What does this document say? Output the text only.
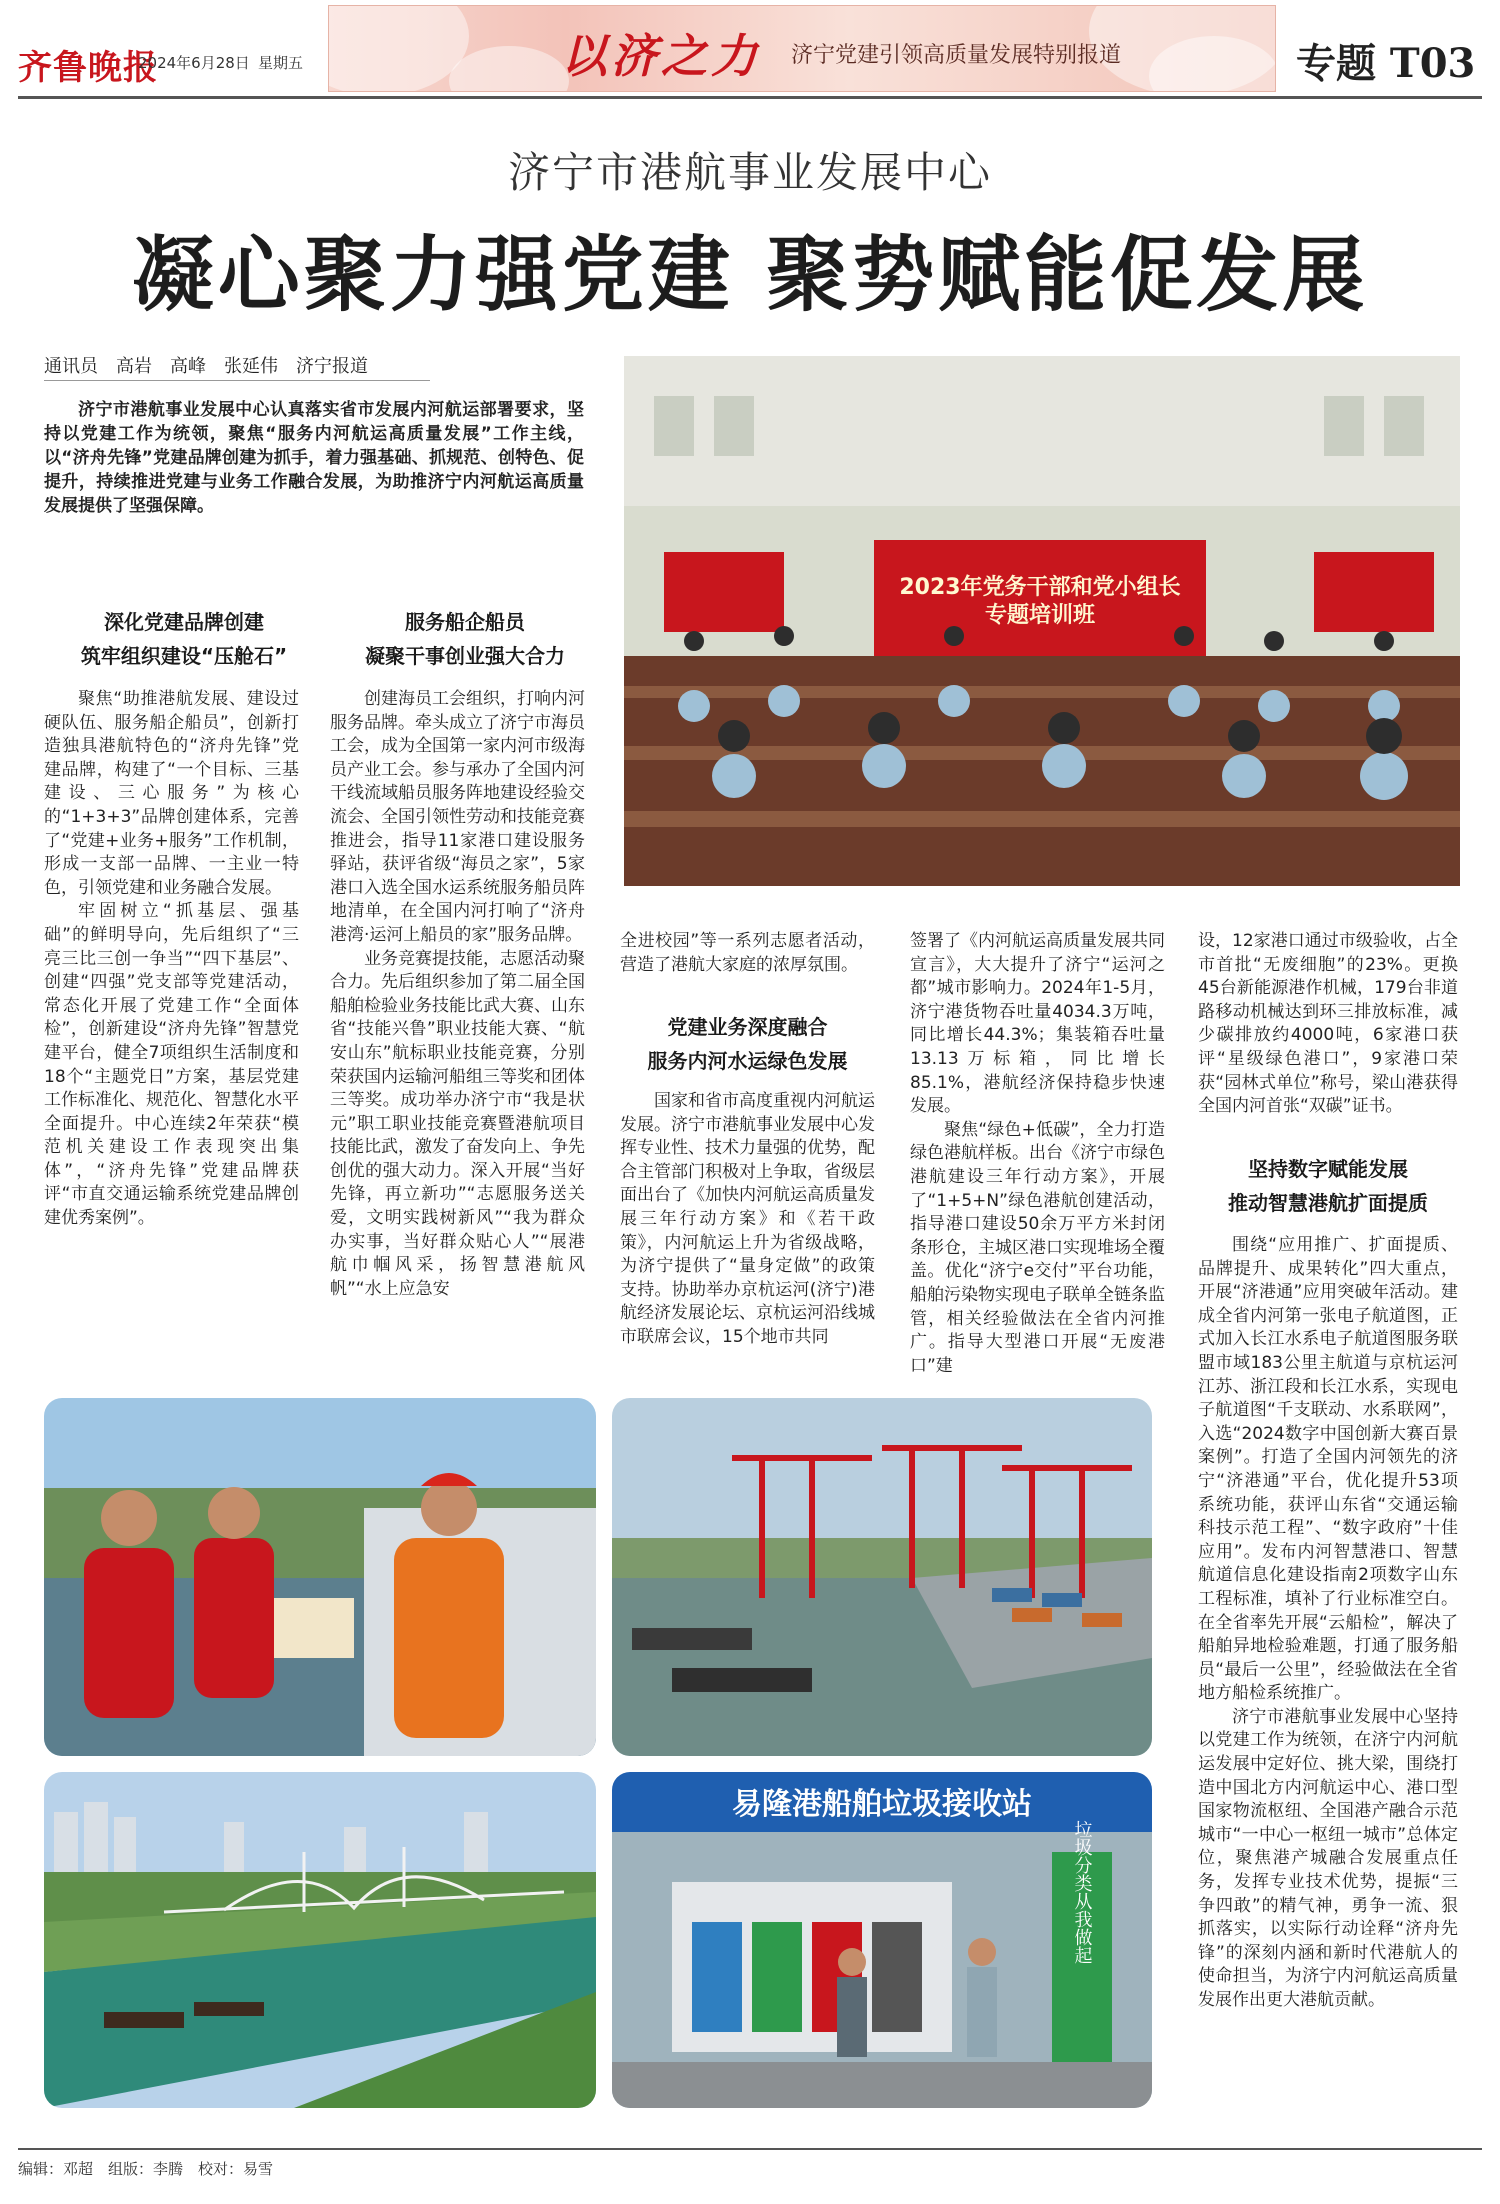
齐鲁晚报
2024年6月28日 星期五	以济之力 济宁党建引领高质量发展特别报道	专题 T03
济宁市港航事业发展中心
凝心聚力强党建 聚势赋能促发展
通讯员　高岩　高峰　张延伟　济宁报道
济宁市港航事业发展中心认真落实省市发展内河航运部署要求，坚持以党建工作为统领，聚焦“服务内河航运高质量发展”工作主线，以“济舟先锋”党建品牌创建为抓手，着力强基础、抓规范、创特色、促提升，持续推进党建与业务工作融合发展，为助推济宁内河航运高质量发展提供了坚强保障。
2023年党务干部和党小组长
专题培训班
深化党建品牌创建
筑牢组织建设“压舱石”
服务船企船员
凝聚干事创业强大合力

聚焦“助推港航发展、建设过硬队伍、服务船企船员”，创新打造独具港航特色的“济舟先锋”党建品牌，构建了“一个目标、三基建设、三心服务”为核心的“1+3+3”品牌创建体系，完善了“党建+业务+服务”工作机制，形成一支部一品牌、一主业一特色，引领党建和业务融合发展。

牢固树立“抓基层、强基础”的鲜明导向，先后组织了“三亮三比三创一争当”“四下基层”、创建“四强”党支部等党建活动，常态化开展了党建工作“全面体检”，创新建设“济舟先锋”智慧党建平台，健全7项组织生活制度和18个“主题党日”方案，基层党建工作标准化、规范化、智慧化水平全面提升。中心连续2年荣获“模范机关建设工作表现突出集体”，“济舟先锋”党建品牌获评“市直交通运输系统党建品牌创建优秀案例”。

创建海员工会组织，打响内河服务品牌。牵头成立了济宁市海员工会，成为全国第一家内河市级海员产业工会。参与承办了全国内河干线流域船员服务阵地建设经验交流会、全国引领性劳动和技能竞赛推进会，指导11家港口建设服务驿站，获评省级“海员之家”，5家港口入选全国水运系统服务船员阵地清单，在全国内河打响了“济舟港湾·运河上船员的家”服务品牌。

业务竞赛提技能，志愿活动聚合力。先后组织参加了第二届全国船舶检验业务技能比武大赛、山东省“技能兴鲁”职业技能大赛、“航安山东”航标职业技能竞赛，分别荣获国内运输河船组三等奖和团体三等奖。成功举办济宁市“我是状元”职工职业技能竞赛暨港航项目技能比武，激发了奋发向上、争先创优的强大动力。深入开展“当好先锋，再立新功”“志愿服务送关爱，文明实践树新风”“我为群众办实事，当好群众贴心人”“展港航巾帼风采，扬智慧港航风帆”“水上应急安

全进校园”等一系列志愿者活动，营造了港航大家庭的浓厚氛围。

党建业务深度融合
服务内河水运绿色发展

国家和省市高度重视内河航运发展。济宁市港航事业发展中心发挥专业性、技术力量强的优势，配合主管部门积极对上争取，省级层面出台了《加快内河航运高质量发展三年行动方案》和《若干政策》，内河航运上升为省级战略，为济宁提供了“量身定做”的政策支持。协助举办京杭运河(济宁)港航经济发展论坛、京杭运河沿线城市联席会议，15个地市共同

签署了《内河航运高质量发展共同宣言》，大大提升了济宁“运河之都”城市影响力。2024年1-5月，济宁港货物吞吐量4034.3万吨，同比增长44.3%；集装箱吞吐量13.13万标箱，同比增长85.1%，港航经济保持稳步快速发展。

聚焦“绿色+低碳”，全力打造绿色港航样板。出台《济宁市绿色港航建设三年行动方案》，开展了“1+5+N”绿色港航创建活动，指导港口建设50余万平方米封闭条形仓，主城区港口实现堆场全覆盖。优化“济宁e交付”平台功能，船舶污染物实现电子联单全链条监管，相关经验做法在全省内河推广。指导大型港口开展“无废港口”建

设，12家港口通过市级验收，占全市首批“无废细胞”的23%。更换45台新能源港作机械，179台非道路移动机械达到环三排放标准，减少碳排放约4000吨，6家港口获评“星级绿色港口”，9家港口荣获“园林式单位”称号，梁山港获得全国内河首张“双碳”证书。

坚持数字赋能发展
推动智慧港航扩面提质

围绕“应用推广、扩面提质、品牌提升、成果转化”四大重点，开展“济港通”应用突破年活动。建成全省内河第一张电子航道图，正式加入长江水系电子航道图服务联盟市域183公里主航道与京杭运河江苏、浙江段和长江水系，实现电子航道图“千支联动、水系联网”，入选“2024数字中国创新大赛百景案例”。打造了全国内河领先的济宁“济港通”平台，优化提升53项系统功能，获评山东省“交通运输科技示范工程”、“数字政府”十佳应用”。发布内河智慧港口、智慧航道信息化建设指南2项数字山东工程标准，填补了行业标准空白。在全省率先开展“云船检”，解决了船舶异地检验难题，打通了服务船员“最后一公里”，经验做法在全省地方船检系统推广。

济宁市港航事业发展中心坚持以党建工作为统领，在济宁内河航运发展中定好位、挑大梁，围绕打造中国北方内河航运中心、港口型国家物流枢纽、全国港产融合示范城市“一中心一枢纽一城市”总体定位，聚焦港产城融合发展重点任务，发挥专业技术优势，提振“三争四敢”的精气神，勇争一流、狠抓落实，以实际行动诠释“济舟先锋”的深刻内涵和新时代港航人的使命担当，为济宁内河航运高质量发展作出更大港航贡献。

易隆港船舶垃圾接收站
垃圾分类从我做起
编辑：邓超　组版：李腾　校对：易雪
